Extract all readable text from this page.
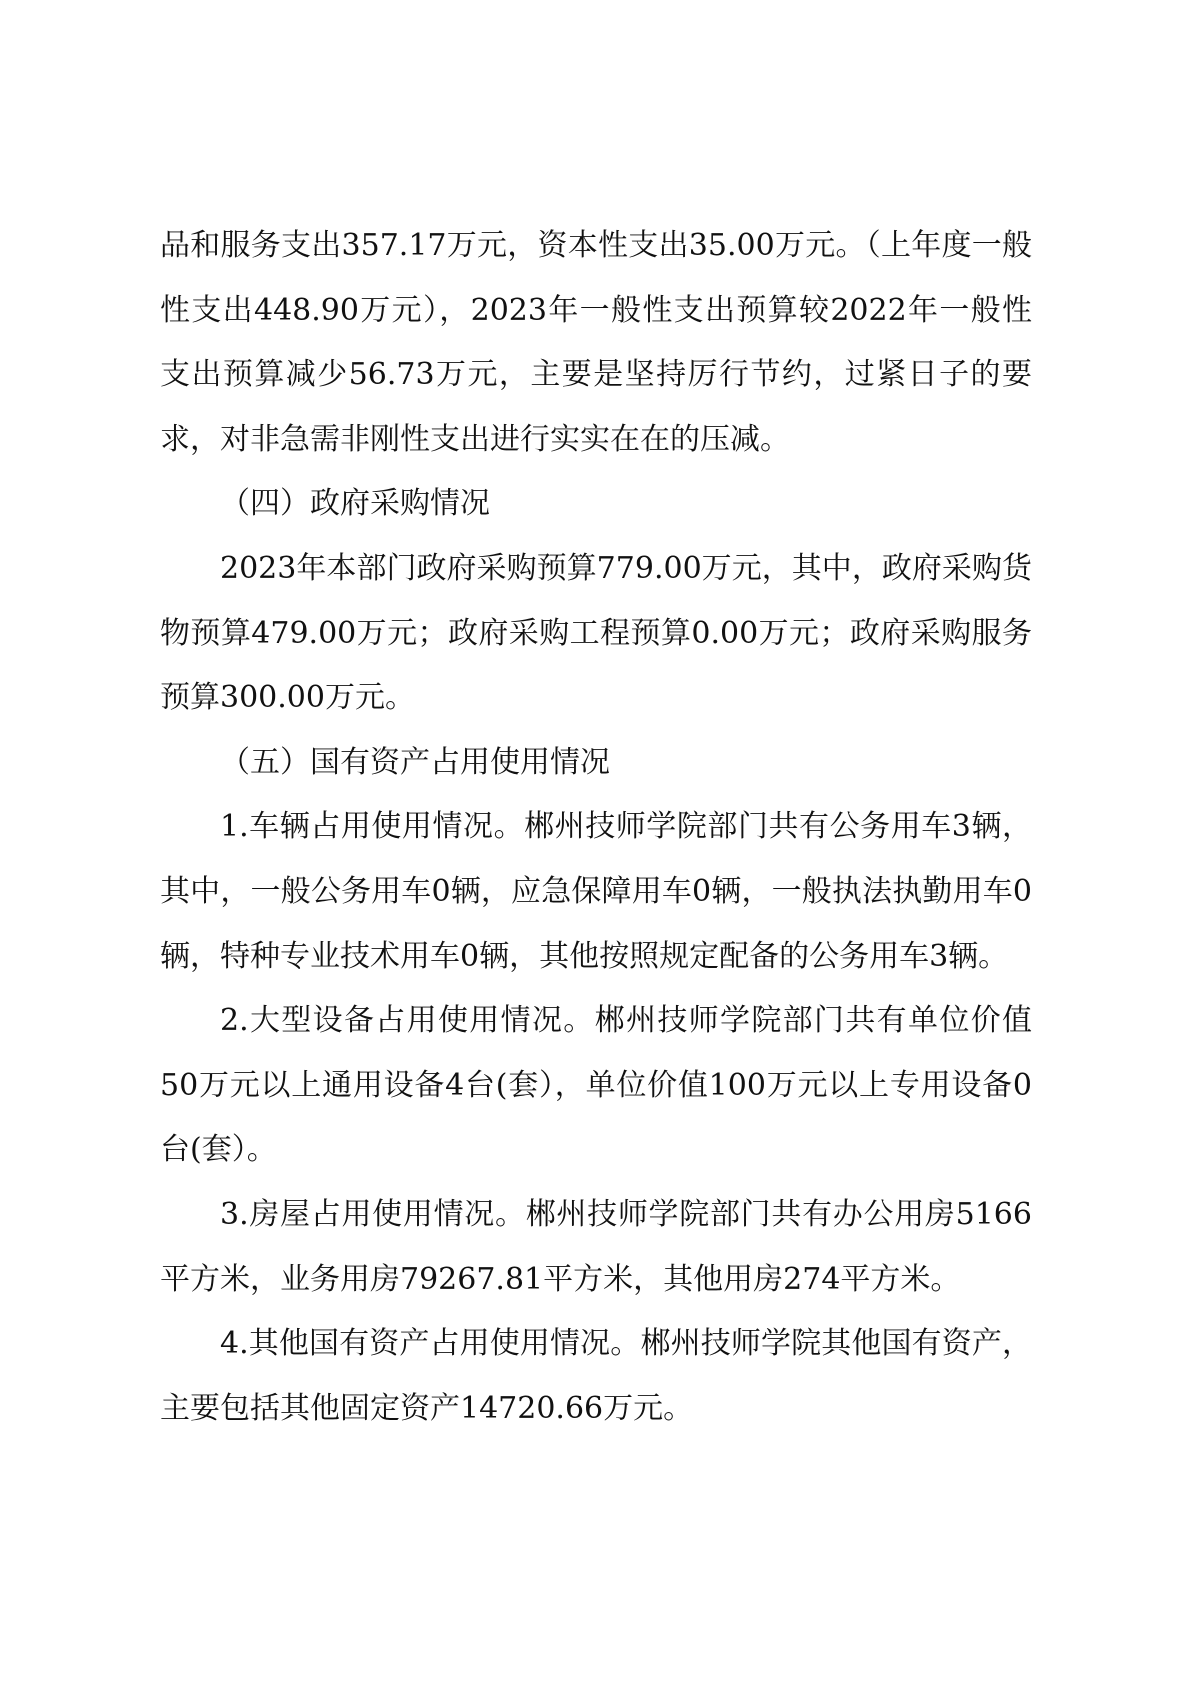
品和服务支出357.17万元，资本性支出35.00万元。（上年度一般性支出448.90万元），2023年一般性支出预算较2022年一般性支出预算减少56.73万元，主要是坚持厉行节约，过紧日子的要求，对非急需非刚性支出进行实实在在的压减。

（四）政府采购情况

2023年本部门政府采购预算779.00万元，其中，政府采购货物预算479.00万元；政府采购工程预算0.00万元；政府采购服务预算300.00万元。

（五）国有资产占用使用情况

1.车辆占用使用情况。郴州技师学院部门共有公务用车3辆，其中，一般公务用车0辆，应急保障用车0辆，一般执法执勤用车0辆，特种专业技术用车0辆，其他按照规定配备的公务用车3辆。

2.大型设备占用使用情况。郴州技师学院部门共有单位价值50万元以上通用设备4台(套），单位价值100万元以上专用设备0台(套）。

3.房屋占用使用情况。郴州技师学院部门共有办公用房5166平方米，业务用房79267.81平方米，其他用房274平方米。

4.其他国有资产占用使用情况。郴州技师学院其他国有资产，主要包括其他固定资产14720.66万元。
